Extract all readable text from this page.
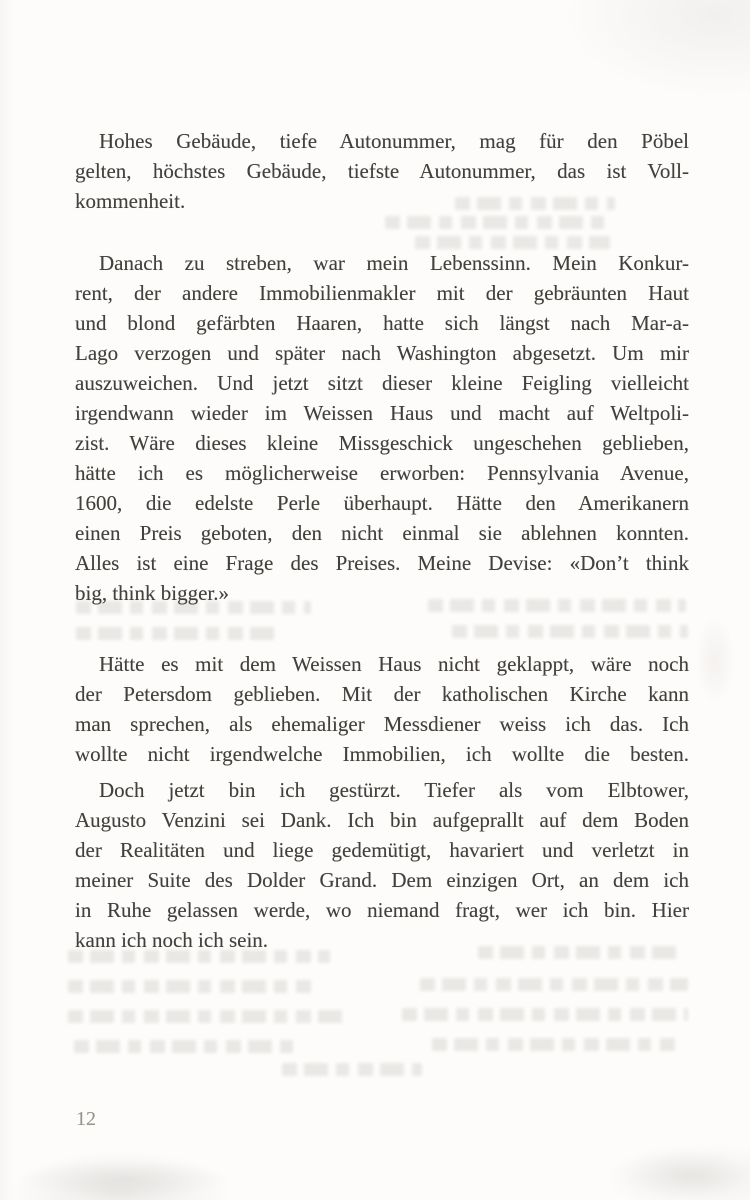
Hohes Gebäude, tiefe Autonummer, mag für den Pöbel
gelten, höchstes Gebäude, tiefste Autonummer, das ist Voll-
kommenheit.
Danach zu streben, war mein Lebenssinn. Mein Konkur-
rent, der andere Immobilienmakler mit der gebräunten Haut
und blond gefärbten Haaren, hatte sich längst nach Mar-a-
Lago verzogen und später nach Washington abgesetzt. Um mir
auszuweichen. Und jetzt sitzt dieser kleine Feigling vielleicht
irgendwann wieder im Weissen Haus und macht auf Weltpoli-
zist. Wäre dieses kleine Missgeschick ungeschehen geblieben,
hätte ich es möglicherweise erworben: Pennsylvania Avenue,
1600, die edelste Perle überhaupt. Hätte den Amerikanern
einen Preis geboten, den nicht einmal sie ablehnen konnten.
Alles ist eine Frage des Preises. Meine Devise: «Don’t think
big, think bigger.»
Hätte es mit dem Weissen Haus nicht geklappt, wäre noch
der Petersdom geblieben. Mit der katholischen Kirche kann
man sprechen, als ehemaliger Messdiener weiss ich das. Ich
wollte nicht irgendwelche Immobilien, ich wollte die besten.
Doch jetzt bin ich gestürzt. Tiefer als vom Elbtower,
Augusto Venzini sei Dank. Ich bin aufgeprallt auf dem Boden
der Realitäten und liege gedemütigt, havariert und verletzt in
meiner Suite des Dolder Grand. Dem einzigen Ort, an dem ich
in Ruhe gelassen werde, wo niemand fragt, wer ich bin. Hier
kann ich noch ich sein.
12
